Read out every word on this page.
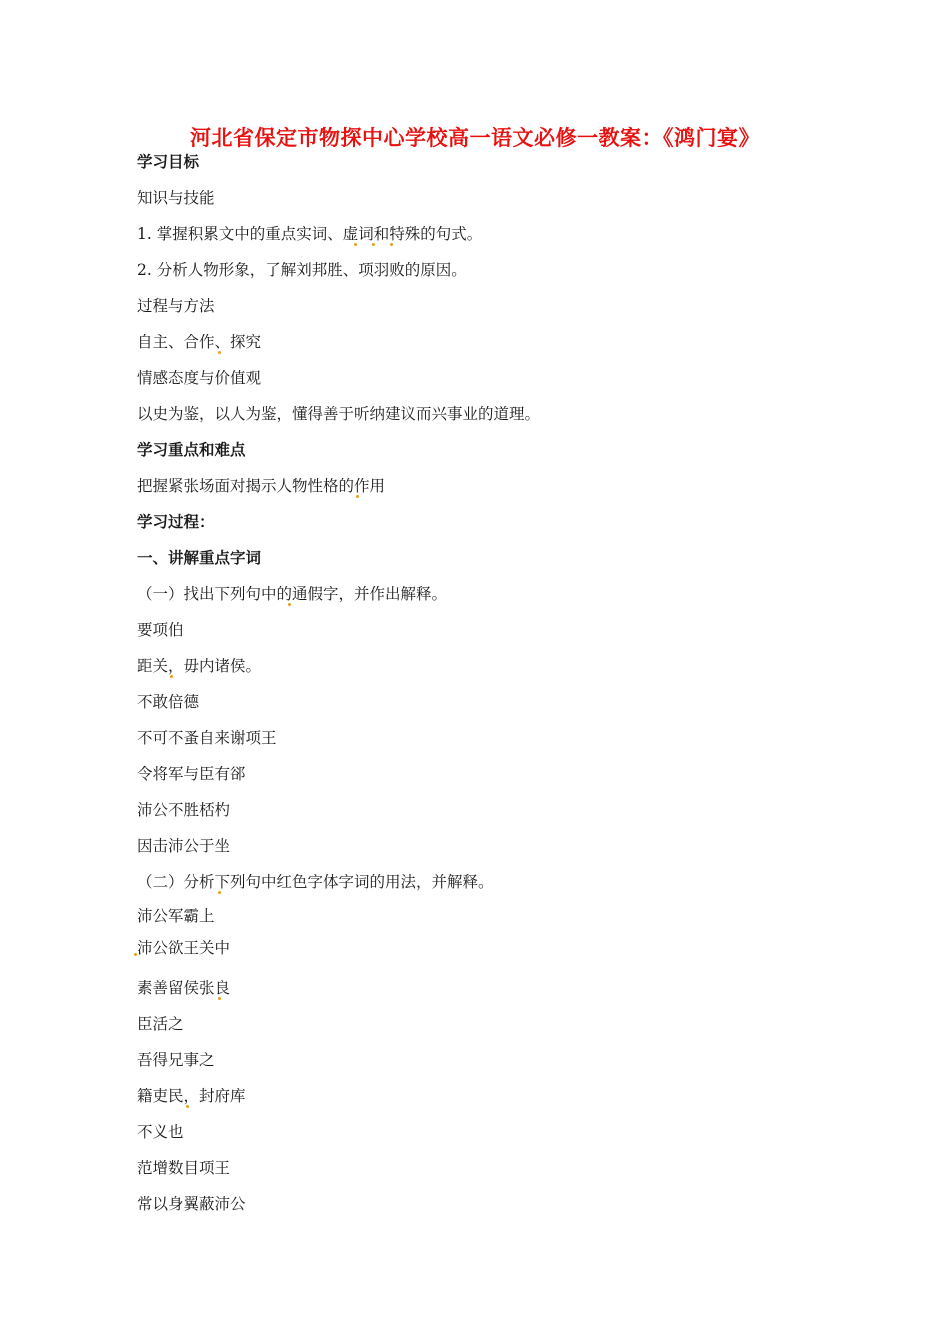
河北省保定市物探中心学校高一语文必修一教案：《鸿门宴》
学习目标
知识与技能
1. 掌握积累文中的重点实词、虚词和特殊的句式。
2. 分析人物形象，了解刘邦胜、项羽败的原因。
过程与方法
自主、合作、探究
情感态度与价值观
以史为鉴，以人为鉴，懂得善于听纳建议而兴事业的道理。
学习重点和难点
把握紧张场面对揭示人物性格的作用
学习过程：
一、讲解重点字词
（一）找出下列句中的通假字，并作出解释。
要项伯
距关，毋内诸侯。
不敢倍德
不可不蚤自来谢项王
令将军与臣有郤
沛公不胜桮杓
因击沛公于坐
（二）分析下列句中红色字体字词的用法，并解释。
沛公军霸上
沛公欲王关中
素善留侯张良
臣活之
吾得兄事之
籍吏民，封府库
不义也
范增数目项王
常以身翼蔽沛公
